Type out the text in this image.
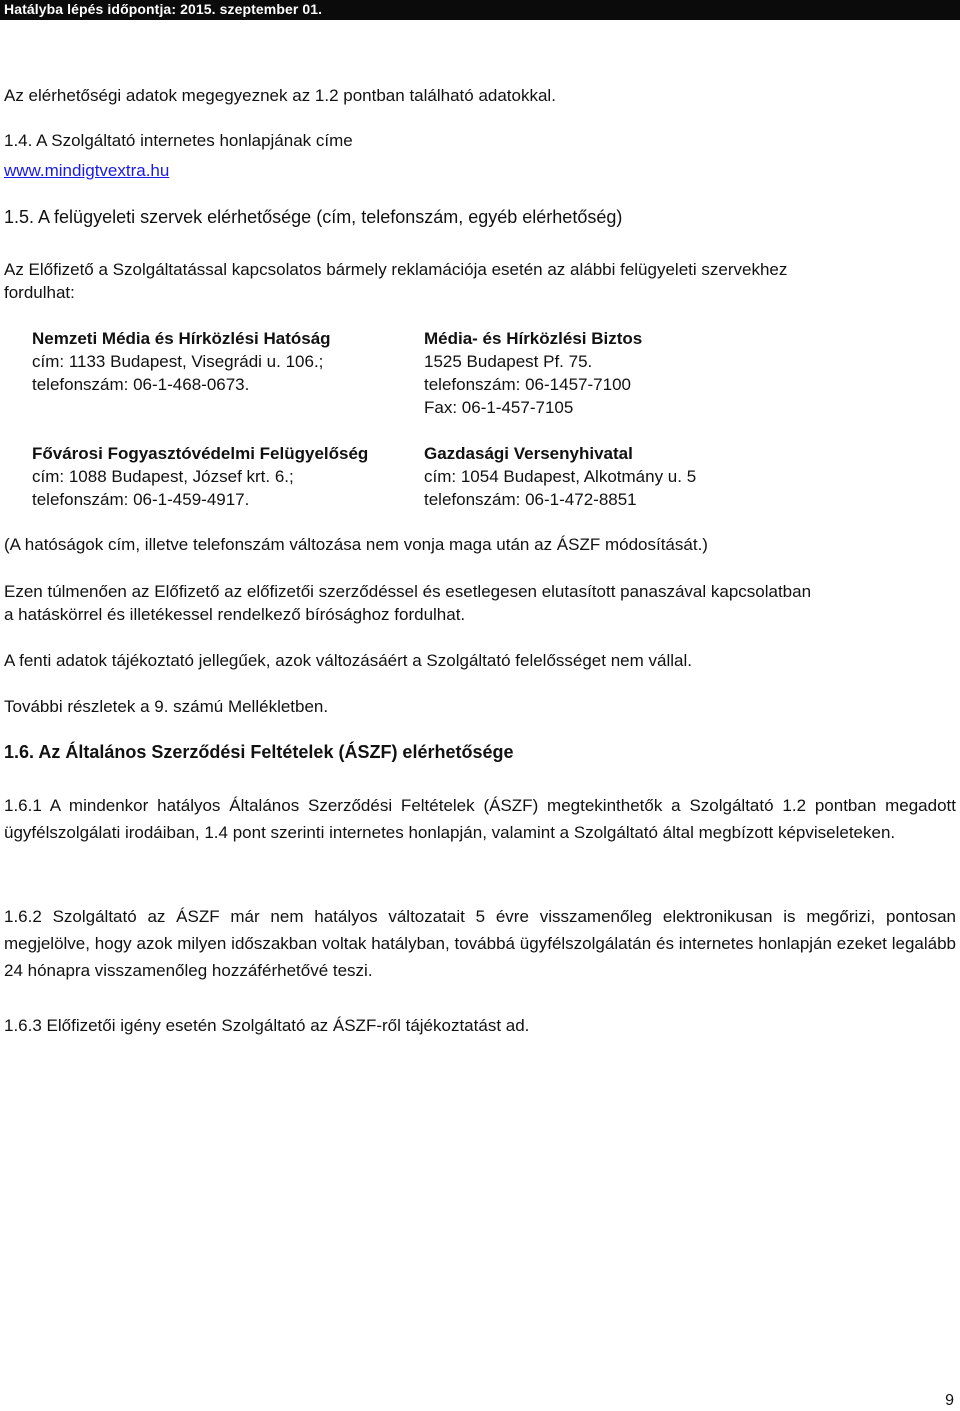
Hatályba lépés időpontja: 2015. szeptember 01.
Az elérhetőségi adatok megegyeznek az 1.2 pontban található adatokkal.
1.4. A Szolgáltató internetes honlapjának címe
www.mindigtvextra.hu
1.5. A felügyeleti szervek elérhetősége (cím, telefonszám, egyéb elérhetőség)
Az Előfizető a Szolgáltatással kapcsolatos bármely reklamációja esetén az alábbi felügyeleti szervekhez
fordulhat:
Nemzeti Média és Hírközlési Hatóság
cím: 1133 Budapest, Visegrádi u. 106.;
telefonszám: 06-1-468-0673.
Média- és Hírközlési Biztos
1525 Budapest Pf. 75.
telefonszám: 06-1457-7100
Fax: 06-1-457-7105
Fővárosi Fogyasztóvédelmi Felügyelőség
cím: 1088 Budapest, József krt. 6.;
telefonszám: 06-1-459-4917.
Gazdasági Versenyhivatal
cím: 1054 Budapest, Alkotmány u. 5
telefonszám: 06-1-472-8851
(A hatóságok cím, illetve telefonszám változása nem vonja maga után az ÁSZF módosítását.)
Ezen túlmenően az Előfizető az előfizetői szerződéssel és esetlegesen elutasított panaszával kapcsolatban
a hatáskörrel és illetékessel rendelkező bírósághoz fordulhat.
A fenti adatok tájékoztató jellegűek, azok változásáért a Szolgáltató felelősséget nem vállal.
További részletek a 9. számú Mellékletben.
1.6. Az Általános Szerződési Feltételek (ÁSZF) elérhetősége
1.6.1 A mindenkor hatályos Általános Szerződési Feltételek (ÁSZF) megtekinthetők a Szolgáltató 1.2 pontban megadott ügyfélszolgálati irodáiban, 1.4 pont szerinti internetes honlapján, valamint a Szolgáltató által megbízott képviseleteken.
1.6.2 Szolgáltató az ÁSZF már nem hatályos változatait 5 évre visszamenőleg elektronikusan is megőrizi, pontosan megjelölve, hogy azok milyen időszakban voltak hatályban, továbbá ügyfélszolgálatán és internetes honlapján ezeket legalább 24 hónapra visszamenőleg hozzáférhetővé teszi.
1.6.3 Előfizetői igény esetén Szolgáltató az ÁSZF-ről tájékoztatást ad.
9
